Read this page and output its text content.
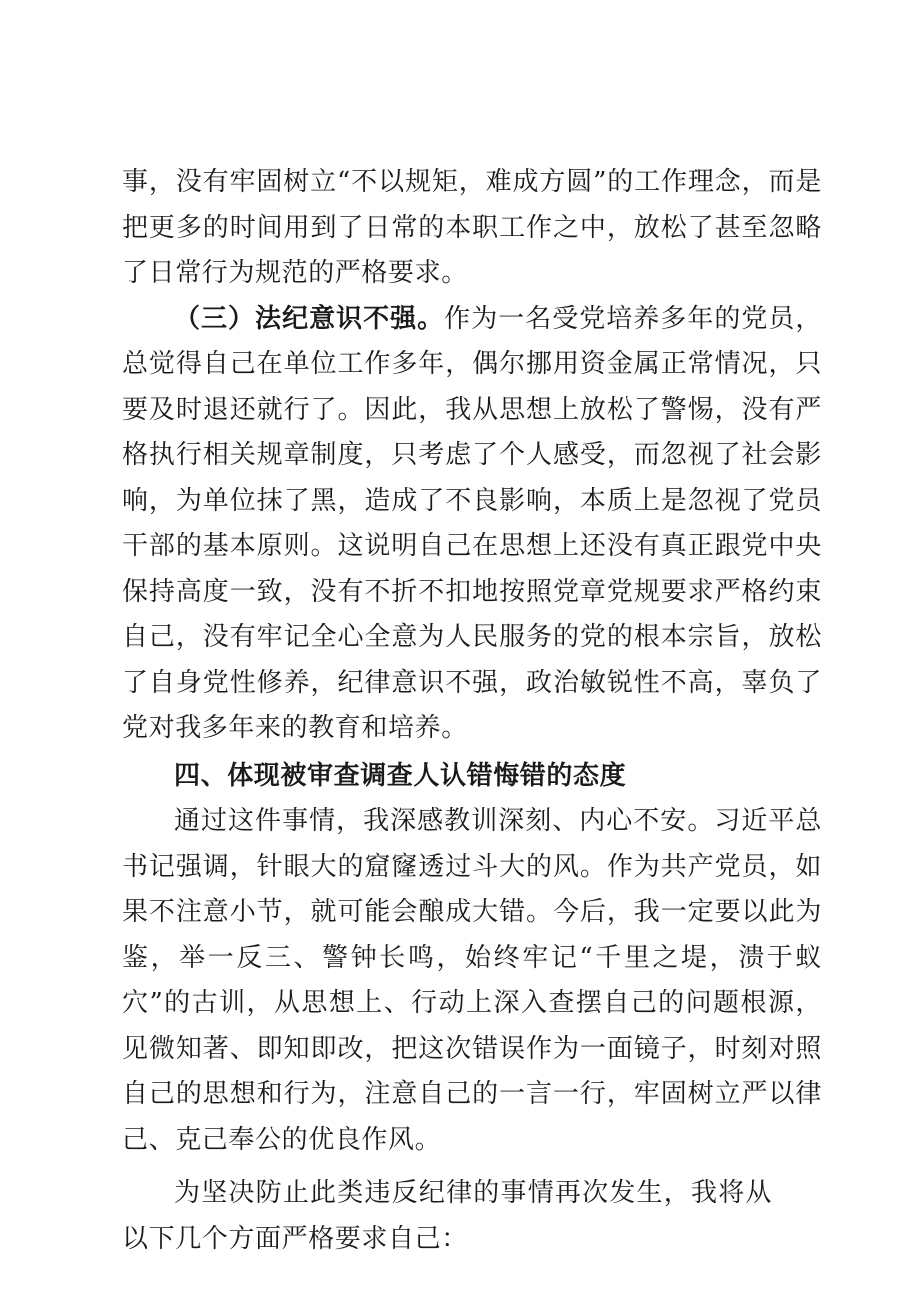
事，没有牢固树立“不以规矩，难成方圆”的工作理念，而是把更多的时间用到了日常的本职工作之中，放松了甚至忽略了日常行为规范的严格要求。

（三）法纪意识不强。作为一名受党培养多年的党员，总觉得自己在单位工作多年，偶尔挪用资金属正常情况，只要及时退还就行了。因此，我从思想上放松了警惕，没有严格执行相关规章制度，只考虑了个人感受，而忽视了社会影响，为单位抹了黑，造成了不良影响，本质上是忽视了党员干部的基本原则。这说明自己在思想上还没有真正跟党中央保持高度一致，没有不折不扣地按照党章党规要求严格约束自己，没有牢记全心全意为人民服务的党的根本宗旨，放松了自身党性修养，纪律意识不强，政治敏锐性不高，辜负了党对我多年来的教育和培养。

四、体现被审查调查人认错悔错的态度

通过这件事情，我深感教训深刻、内心不安。习近平总书记强调，针眼大的窟窿透过斗大的风。作为共产党员，如果不注意小节，就可能会酿成大错。今后，我一定要以此为鉴，举一反三、警钟长鸣，始终牢记“千里之堤，溃于蚁穴”的古训，从思想上、行动上深入查摆自己的问题根源，见微知著、即知即改，把这次错误作为一面镜子，时刻对照自己的思想和行为，注意自己的一言一行，牢固树立严以律己、克己奉公的优良作风。

为坚决防止此类违反纪律的事情再次发生，我将从以下几个方面严格要求自己：
